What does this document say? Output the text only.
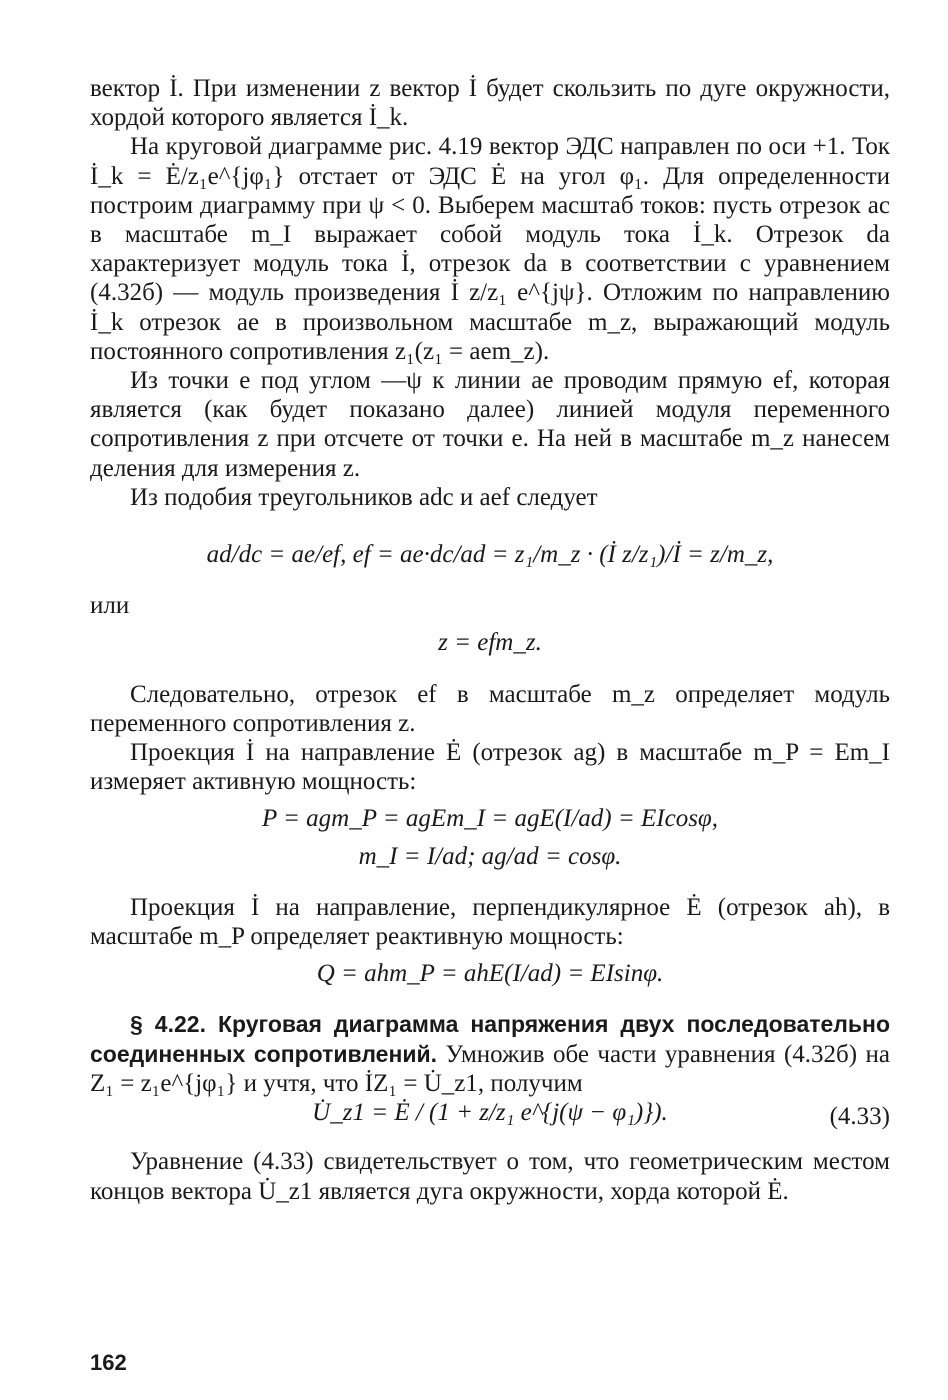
вектор İ. При изменении z вектор İ будет скользить по дуге окружности, хордой которого является İ_k.

На круговой диаграмме рис. 4.19 вектор ЭДС направлен по оси +1. Ток İ_k = Ė/z₁e^{jφ₁} отстает от ЭДС Ė на угол φ₁. Для определенности построим диаграмму при ψ < 0. Выберем масштаб токов: пусть отрезок ac в масштабе m_I выражает собой модуль тока İ_k. Отрезок da характеризует модуль тока İ, отрезок da в соответствии с уравнением (4.32б) — модуль произведения İ z/z₁ e^{jψ}. Отложим по направлению İ_k отрезок ae в произвольном масштабе m_z, выражающий модуль постоянного сопротивления z₁(z₁ = aem_z).

Из точки e под углом —ψ к линии ae проводим прямую ef, которая является (как будет показано далее) линией модуля переменного сопротивления z при отсчете от точки e. На ней в масштабе m_z нанесем деления для измерения z.

Из подобия треугольников adc и aef следует

ad/dc = ae/ef, ef = ae·dc/ad = z₁/m_z · (İ z/z₁)/İ = z/m_z,

или

z = efm_z.

Следовательно, отрезок ef в масштабе m_z определяет модуль переменного сопротивления z.

Проекция İ на направление Ė (отрезок ag) в масштабе m_P = Em_I измеряет активную мощность:

P = agm_P = agEm_I = agE(I/ad) = EIcosφ,
m_I = I/ad; ag/ad = cosφ.

Проекция İ на направление, перпендикулярное Ė (отрезок ah), в масштабе m_P определяет реактивную мощность:

Q = ahm_P = ahE(I/ad) = EIsinφ.

§ 4.22. Круговая диаграмма напряжения двух последовательно соединенных сопротивлений. Умножив обе части уравнения (4.32б) на Z₁ = z₁e^{jφ₁} и учтя, что İZ₁ = U̇_z1, получим

U̇_z1 = Ė / (1 + z/z₁ e^{j(ψ − φ₁)}).	(4.33)

Уравнение (4.33) свидетельствует о том, что геометрическим местом концов вектора U̇_z1 является дуга окружности, хорда которой Ė.

162
